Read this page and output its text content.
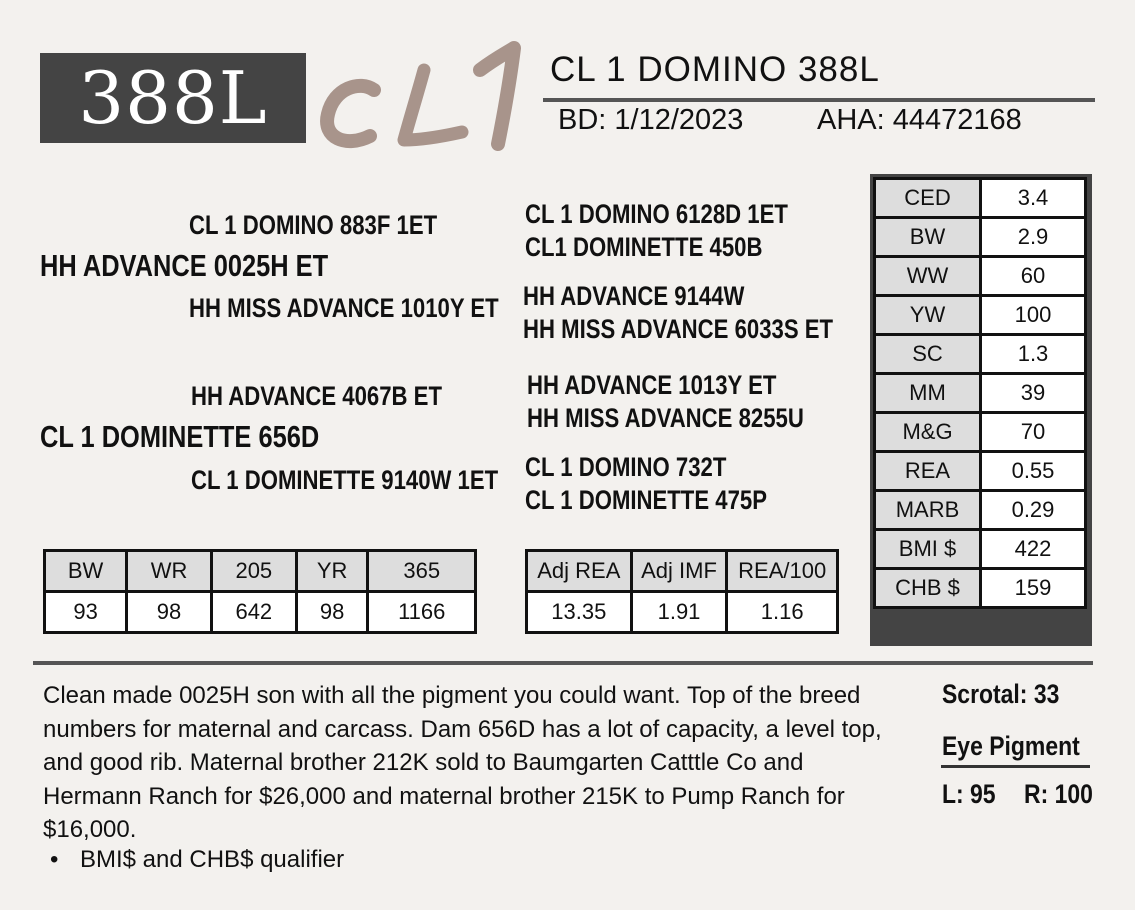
388L	CL 1 DOMINO 388L
BD: 1/12/2023	AHA: 44472168
CL 1 DOMINO 883F 1ET
HH ADVANCE 0025H ET
HH MISS ADVANCE 1010Y ET
CL 1 DOMINO 6128D 1ET
CL1 DOMINETTE 450B
HH ADVANCE 9144W
HH MISS ADVANCE 6033S ET
HH ADVANCE 4067B ET
CL 1 DOMINETTE 656D
CL 1 DOMINETTE 9140W 1ET
HH ADVANCE 1013Y ET
HH MISS ADVANCE 8255U
CL 1 DOMINO 732T
CL 1 DOMINETTE 475P
CED	3.4
BW	2.9
WW	60
YW	100
SC	1.3
MM	39
M&G	70
REA	0.55
MARB	0.29
BMI $	422
CHB $	159
BW	WR	205	YR	365
93	98	642	98	1166
Adj REA	Adj IMF	REA/100
13.35	1.91	1.16
Clean made 0025H son with all the pigment you could want. Top of the breed numbers for maternal and carcass. Dam 656D has a lot of capacity, a level top, and good rib. Maternal brother 212K sold to Baumgarten Catttle Co and Hermann Ranch for $26,000 and maternal brother 215K to Pump Ranch for $16,000.
• BMI$ and CHB$ qualifier
Scrotal: 33
Eye Pigment
L: 95 R: 100
